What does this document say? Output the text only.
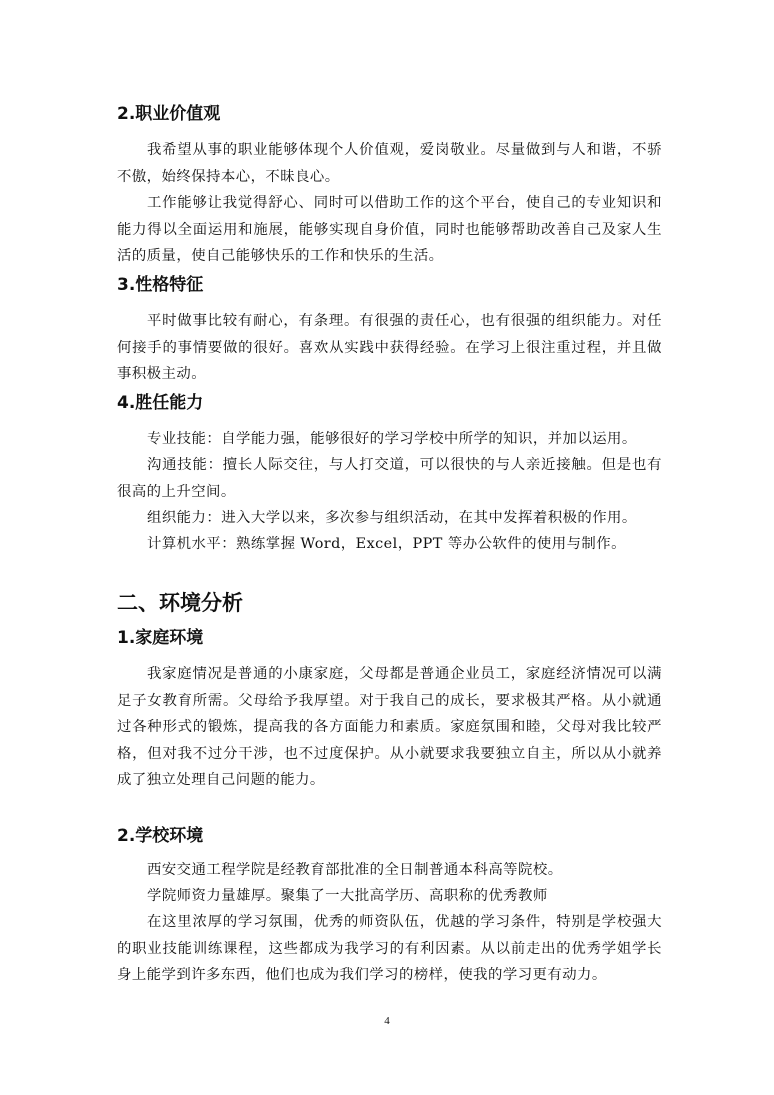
2.职业价值观
我希望从事的职业能够体现个人价值观，爱岗敬业。尽量做到与人和谐，不骄不傲，始终保持本心，不昧良心。
工作能够让我觉得舒心、同时可以借助工作的这个平台，使自己的专业知识和能力得以全面运用和施展，能够实现自身价值，同时也能够帮助改善自己及家人生活的质量，使自己能够快乐的工作和快乐的生活。
3.性格特征
平时做事比较有耐心，有条理。有很强的责任心，也有很强的组织能力。对任何接手的事情要做的很好。喜欢从实践中获得经验。在学习上很注重过程，并且做事积极主动。
4.胜任能力
专业技能：自学能力强，能够很好的学习学校中所学的知识，并加以运用。
沟通技能：擅长人际交往，与人打交道，可以很快的与人亲近接触。但是也有很高的上升空间。
组织能力：进入大学以来，多次参与组织活动，在其中发挥着积极的作用。
计算机水平：熟练掌握 Word，Excel，PPT 等办公软件的使用与制作。
二、环境分析
1.家庭环境
我家庭情况是普通的小康家庭，父母都是普通企业员工，家庭经济情况可以满足子女教育所需。父母给予我厚望。对于我自己的成长，要求极其严格。从小就通过各种形式的锻炼，提高我的各方面能力和素质。家庭氛围和睦，父母对我比较严格，但对我不过分干涉，也不过度保护。从小就要求我要独立自主，所以从小就养成了独立处理自己问题的能力。
2.学校环境
西安交通工程学院是经教育部批准的全日制普通本科高等院校。
学院师资力量雄厚。聚集了一大批高学历、高职称的优秀教师
在这里浓厚的学习氛围，优秀的师资队伍，优越的学习条件，特别是学校强大的职业技能训练课程，这些都成为我学习的有利因素。从以前走出的优秀学姐学长身上能学到许多东西，他们也成为我们学习的榜样，使我的学习更有动力。
4
